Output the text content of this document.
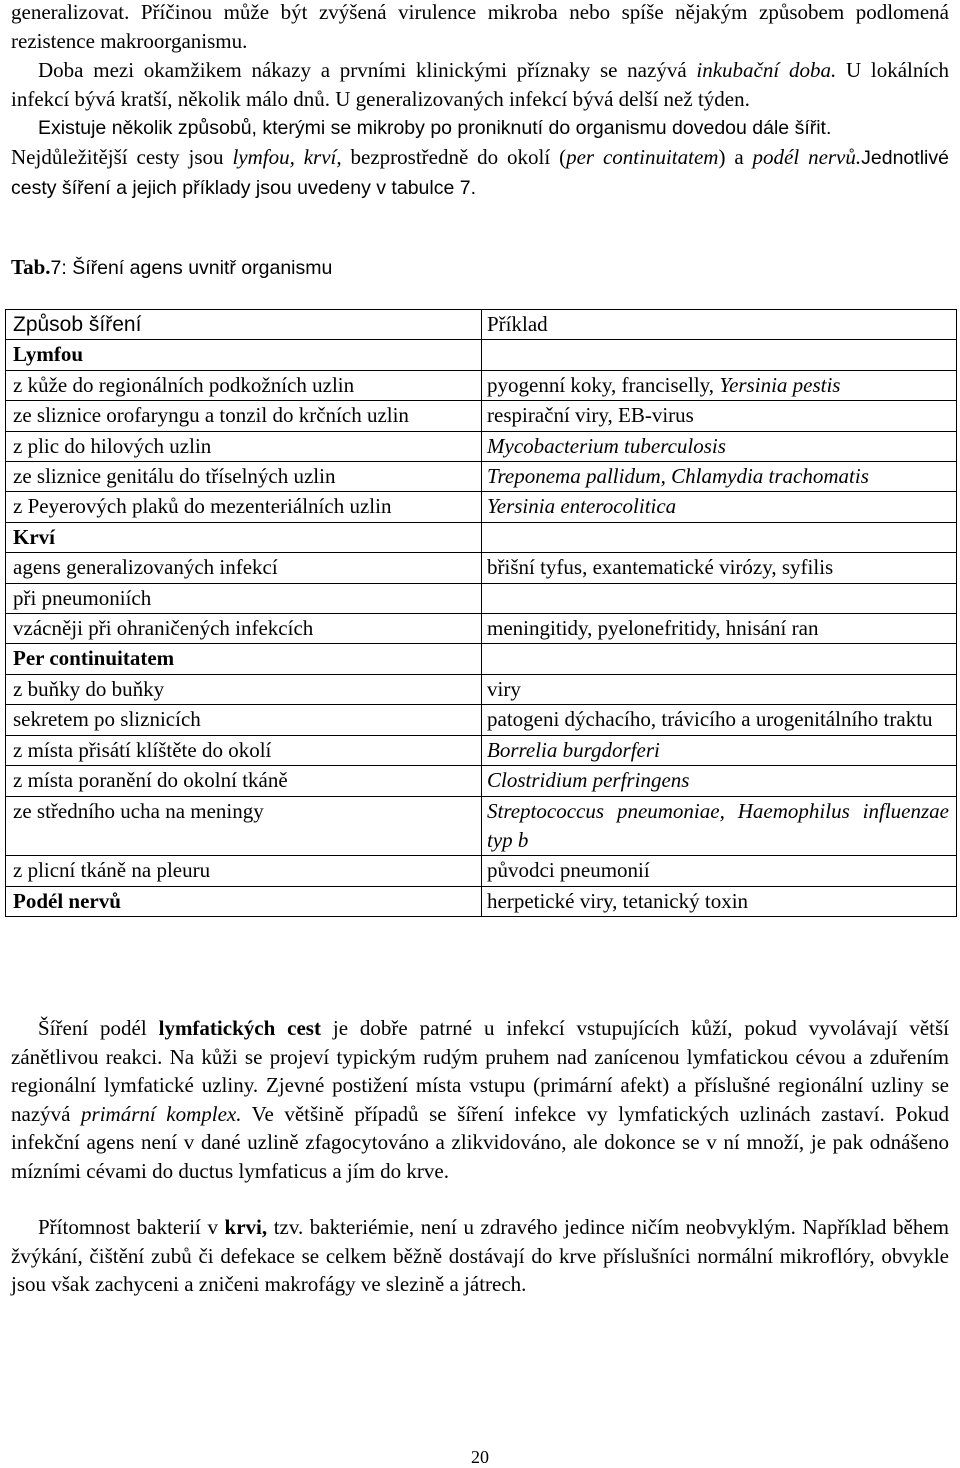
generalizovat. Příčinou může být zvýšená virulence mikroba nebo spíše nějakým způsobem podlomená rezistence makroorganismu.

Doba mezi okamžikem nákazy a prvními klinickými příznaky se nazývá inkubační doba. U lokálních infekcí bývá kratší, několik málo dnů. U generalizovaných infekcí bývá delší než týden.

Existuje několik způsobů, kterými se mikroby po proniknutí do organismu dovedou dále šířit.

Nejdůležitější cesty jsou lymfou, krví, bezprostředně do okolí (per continuitatem) a podél nervů.Jednotlivé cesty šíření a jejich příklady jsou uvedeny v tabulce 7.

Tab.7: Šíření agens uvnitř organismu
Způsob šíření	Příklad
Lymfou	
z kůže do regionálních podkožních uzlin	pyogenní koky, franciselly, Yersinia pestis
ze sliznice orofaryngu a tonzil do krčních uzlin	respirační viry, EB-virus
z plic do hilových uzlin	Mycobacterium tuberculosis
ze sliznice genitálu do tříselných uzlin	Treponema pallidum, Chlamydia trachomatis
z Peyerových plaků do mezenteriálních uzlin	Yersinia enterocolitica
Krví	
agens generalizovaných infekcí	břišní tyfus, exantematické virózy, syfilis
při pneumoniích	
vzácněji při ohraničených infekcích	meningitidy, pyelonefritidy, hnisání ran
Per continuitatem	
z buňky do buňky	viry
sekretem po sliznicích	patogeni dýchacího, trávicího a urogenitálního traktu
z místa přisátí klíštěte do okolí	Borrelia burgdorferi
z místa poranění do okolní tkáně	Clostridium perfringens
ze středního ucha na meningy	Streptococcus pneumoniae, Haemophilus influenzae typ b
z plicní tkáně na pleuru	původci pneumonií
Podél nervů	herpetické viry, tetanický toxin

Šíření podél lymfatických cest je dobře patrné u infekcí vstupujících kůží, pokud vyvolávají větší zánětlivou reakci. Na kůži se projeví typickým rudým pruhem nad zanícenou lymfatickou cévou a zduřením regionální lymfatické uzliny. Zjevné postižení místa vstupu (primární afekt) a příslušné regionální uzliny se nazývá primární komplex. Ve většině případů se šíření infekce vy lymfatických uzlinách zastaví. Pokud infekční agens není v dané uzlině zfagocytováno a zlikvidováno, ale dokonce se v ní množí, je pak odnášeno mízními cévami do ductus lymfaticus a jím do krve.

Přítomnost bakterií v krvi, tzv. bakteriémie, není u zdravého jedince ničím neobvyklým. Například během žvýkání, čištění zubů či defekace se celkem běžně dostávají do krve příslušníci normální mikroflóry, obvykle jsou však zachyceni a zničeni makrofágy ve slezině a játrech.

20
